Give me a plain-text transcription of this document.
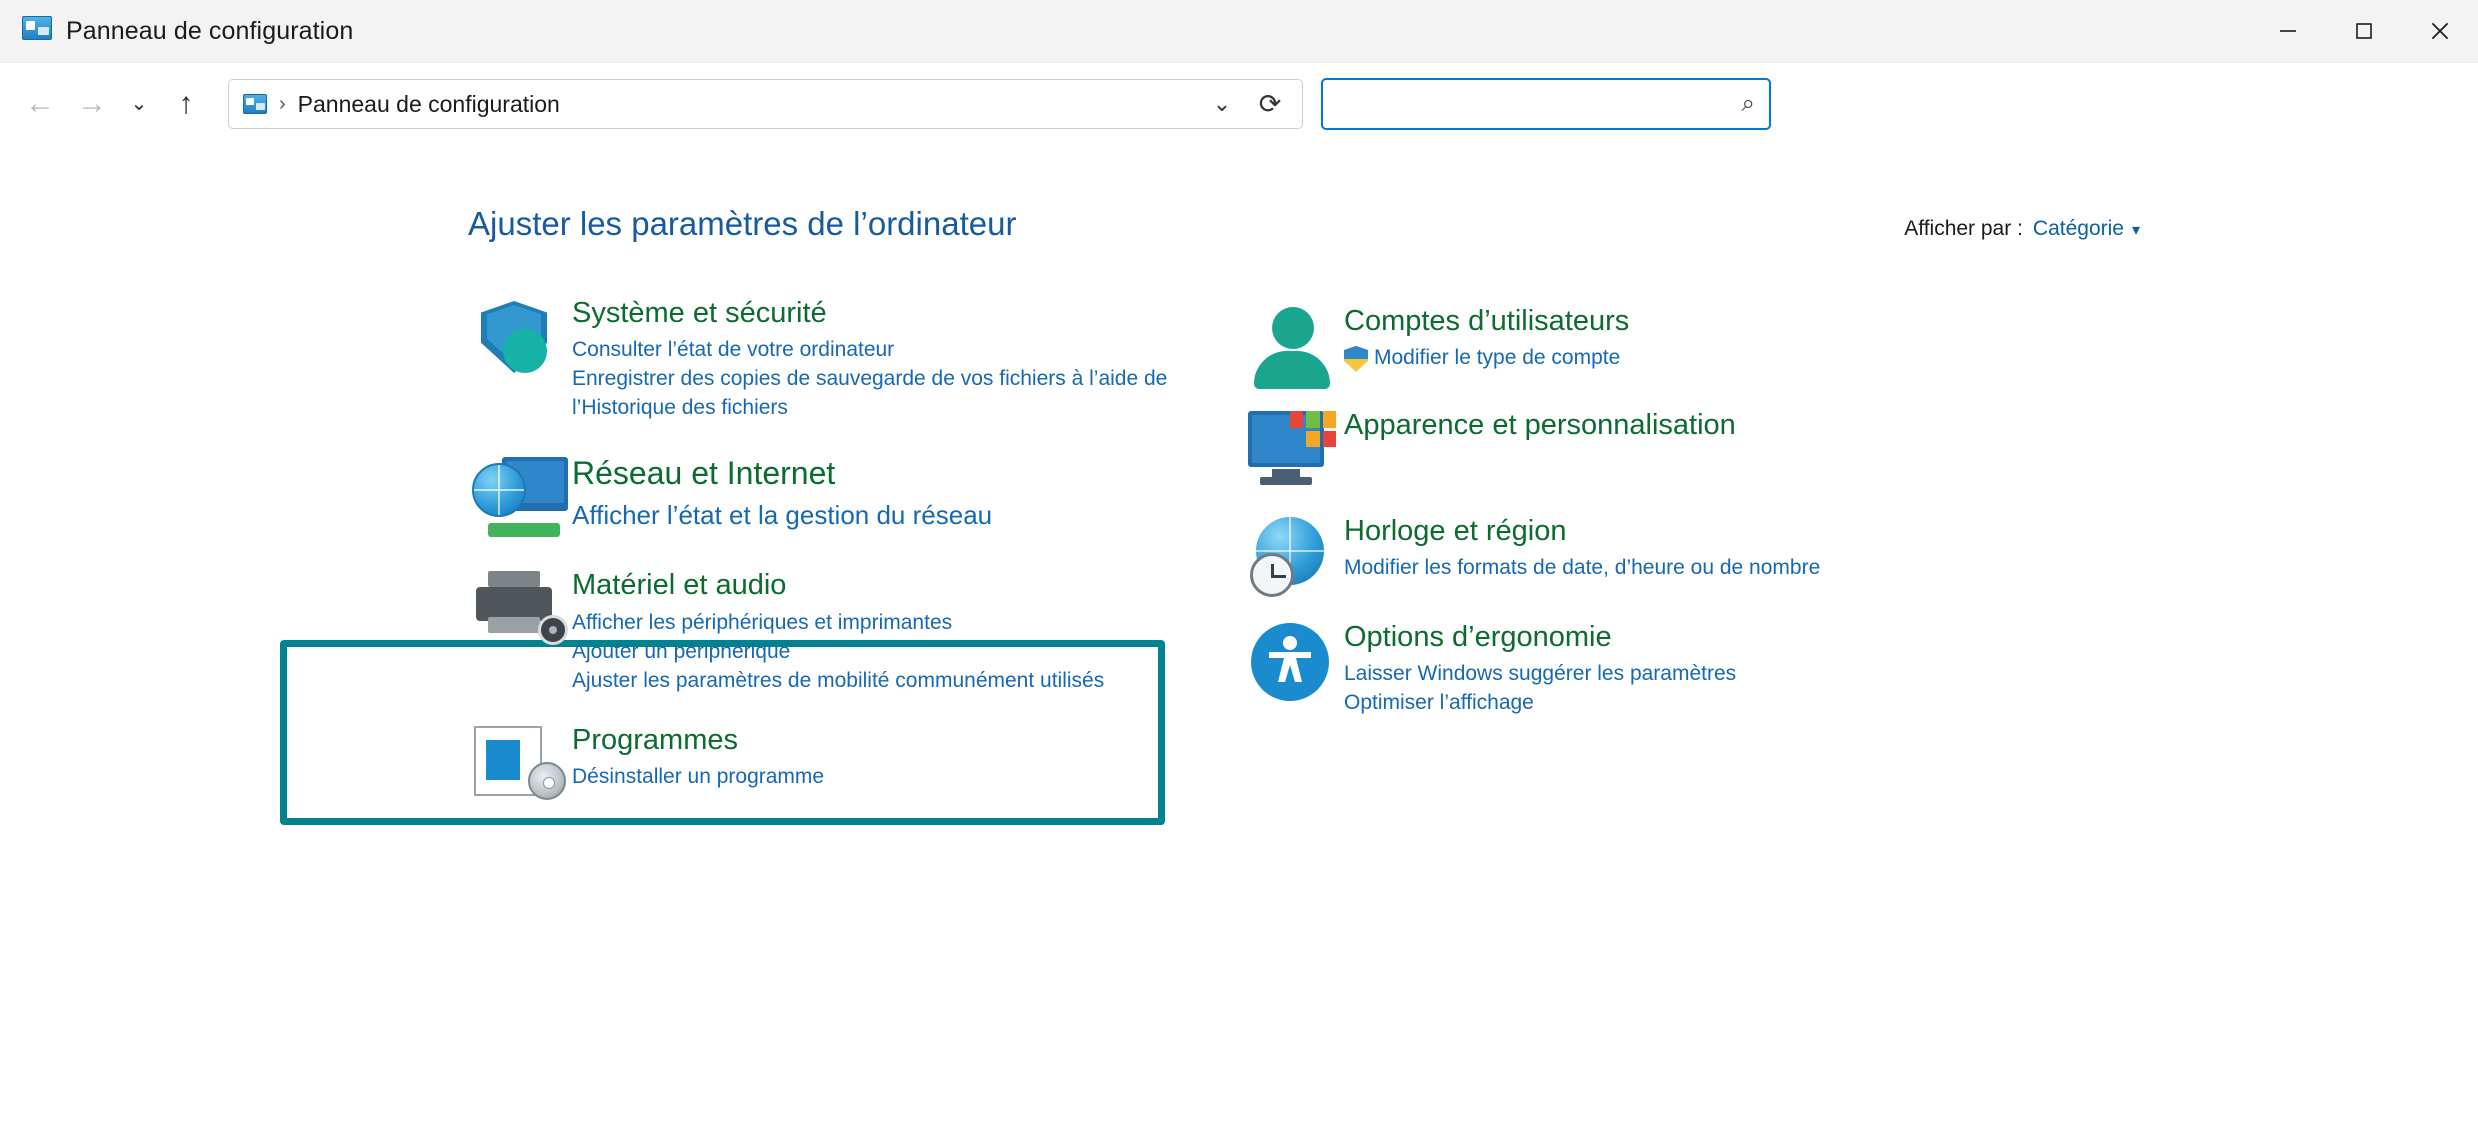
Panneau de configuration
← → ⌄ ↑	› Panneau de configuration	⌄	⟳	⌕
Ajuster les paramètres de l’ordinateur	Afficher par : Catégorie ▾
Système et sécurité
Consulter l’état de votre ordinateur
Enregistrer des copies de sauvegarde de vos fichiers à l’aide de l’Historique des fichiers
Réseau et Internet
Afficher l’état et la gestion du réseau
Matériel et audio
Afficher les périphériques et imprimantes
Ajouter un périphérique
Ajuster les paramètres de mobilité communément utilisés
Programmes
Désinstaller un programme
Comptes d’utilisateurs
Modifier le type de compte
Apparence et personnalisation
Horloge et région
Modifier les formats de date, d’heure ou de nombre
Options d’ergonomie
Laisser Windows suggérer les paramètres
Optimiser l’affichage
